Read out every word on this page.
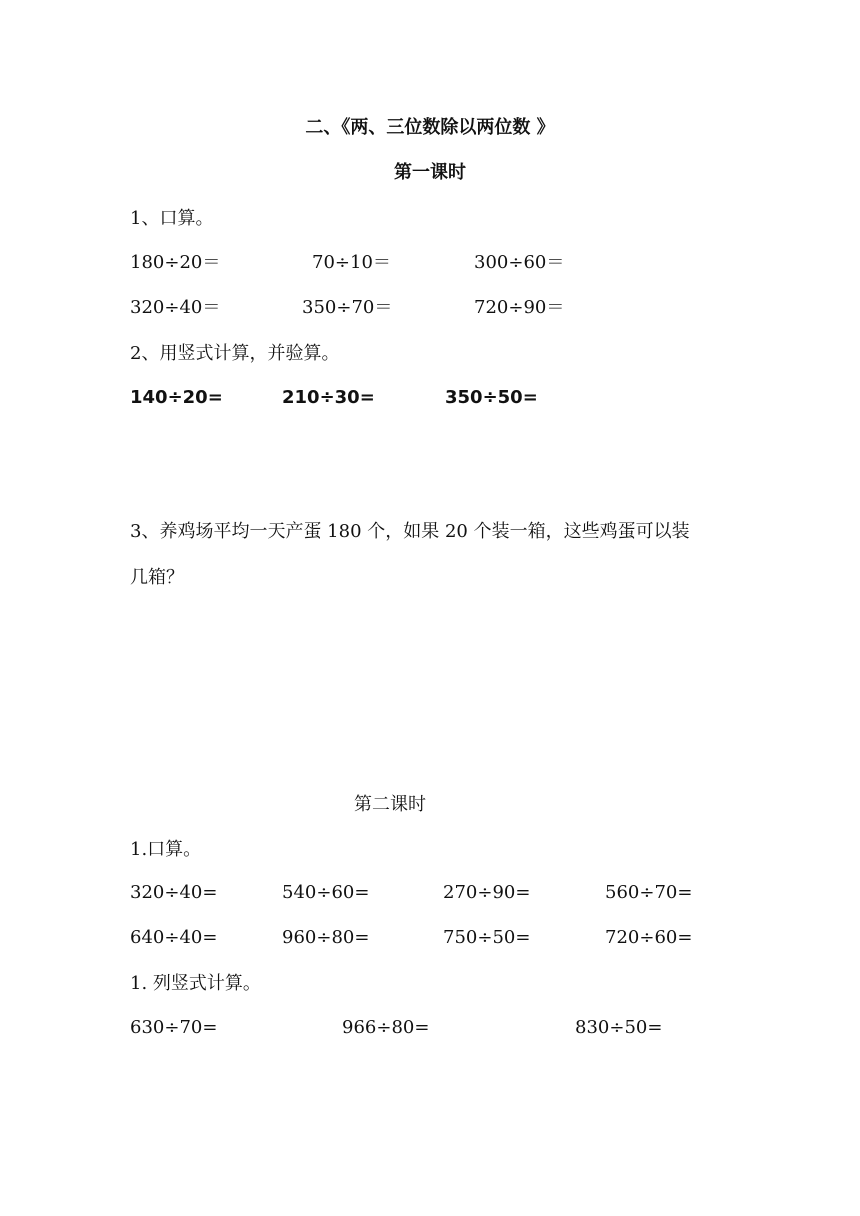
二、《两、三位数除以两位数 》
第一课时
1、口算。
180÷20＝	70÷10＝	300÷60＝
320÷40＝	350÷70＝	720÷90＝
2、用竖式计算，并验算。
140÷20=	210÷30=	350÷50=
3、养鸡场平均一天产蛋 180 个，如果 20 个装一箱，这些鸡蛋可以装
几箱？
第二课时
1.口算。
320÷40=	540÷60=	270÷90=	560÷70=
640÷40=	960÷80=	750÷50=	720÷60=
1. 列竖式计算。
630÷70=	966÷80=	830÷50=
